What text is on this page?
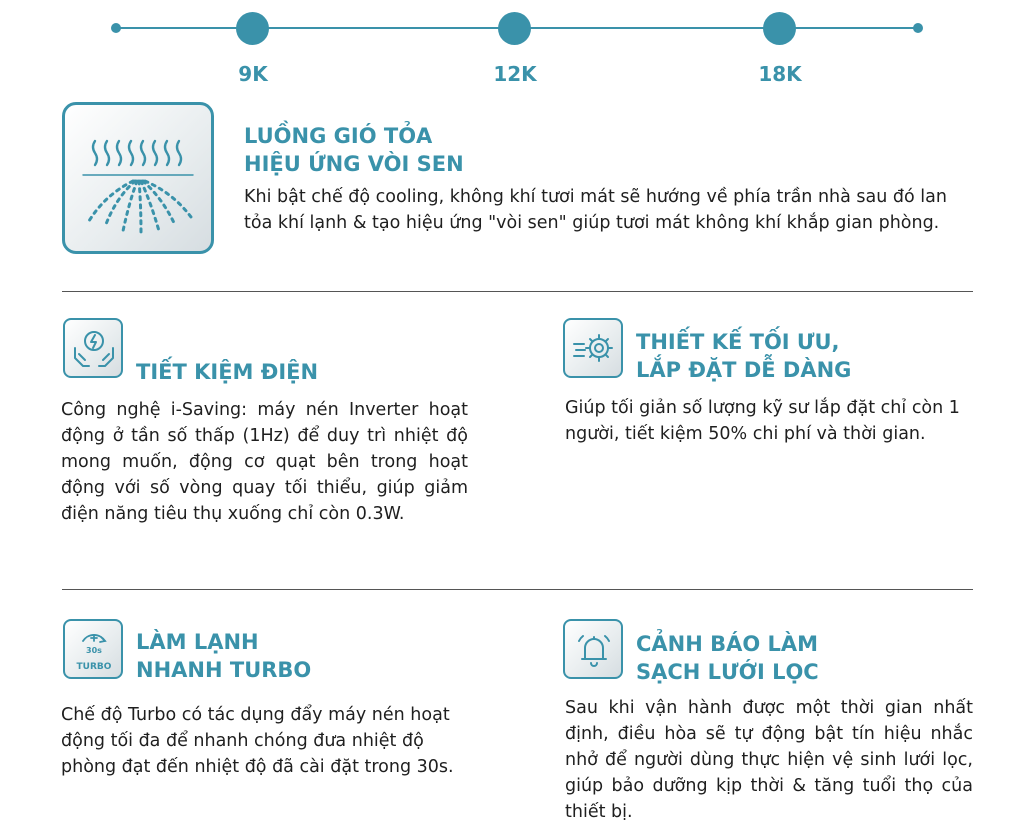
9K	12K	18K
LUỒNG GIÓ TỎA
HIỆU ỨNG VÒI SEN
Khi bật chế độ cooling, không khí tươi mát sẽ hướng về phía trần nhà sau đó lan tỏa khí lạnh & tạo hiệu ứng "vòi sen" giúp tươi mát không khí khắp gian phòng.
TIẾT KIỆM ĐIỆN
Công nghệ i-Saving: máy nén Inverter hoạt động ở tần số thấp (1Hz) để duy trì nhiệt độ mong muốn, động cơ quạt bên trong hoạt động với số vòng quay tối thiểu, giúp giảm điện năng tiêu thụ xuống chỉ còn 0.3W.
THIẾT KẾ TỐI ƯU,
LẮP ĐẶT DỄ DÀNG
Giúp tối giản số lượng kỹ sư lắp đặt chỉ còn 1 người, tiết kiệm 50% chi phí và thời gian.
30s
TURBO
LÀM LẠNH
NHANH TURBO
Chế độ Turbo có tác dụng đẩy máy nén hoạt động tối đa để nhanh chóng đưa nhiệt độ phòng đạt đến nhiệt độ đã cài đặt trong 30s.
CẢNH BÁO LÀM
SẠCH LƯỚI LỌC
Sau khi vận hành được một thời gian nhất định, điều hòa sẽ tự động bật tín hiệu nhắc nhở để người dùng thực hiện vệ sinh lưới lọc, giúp bảo dưỡng kịp thời & tăng tuổi thọ của thiết bị.
